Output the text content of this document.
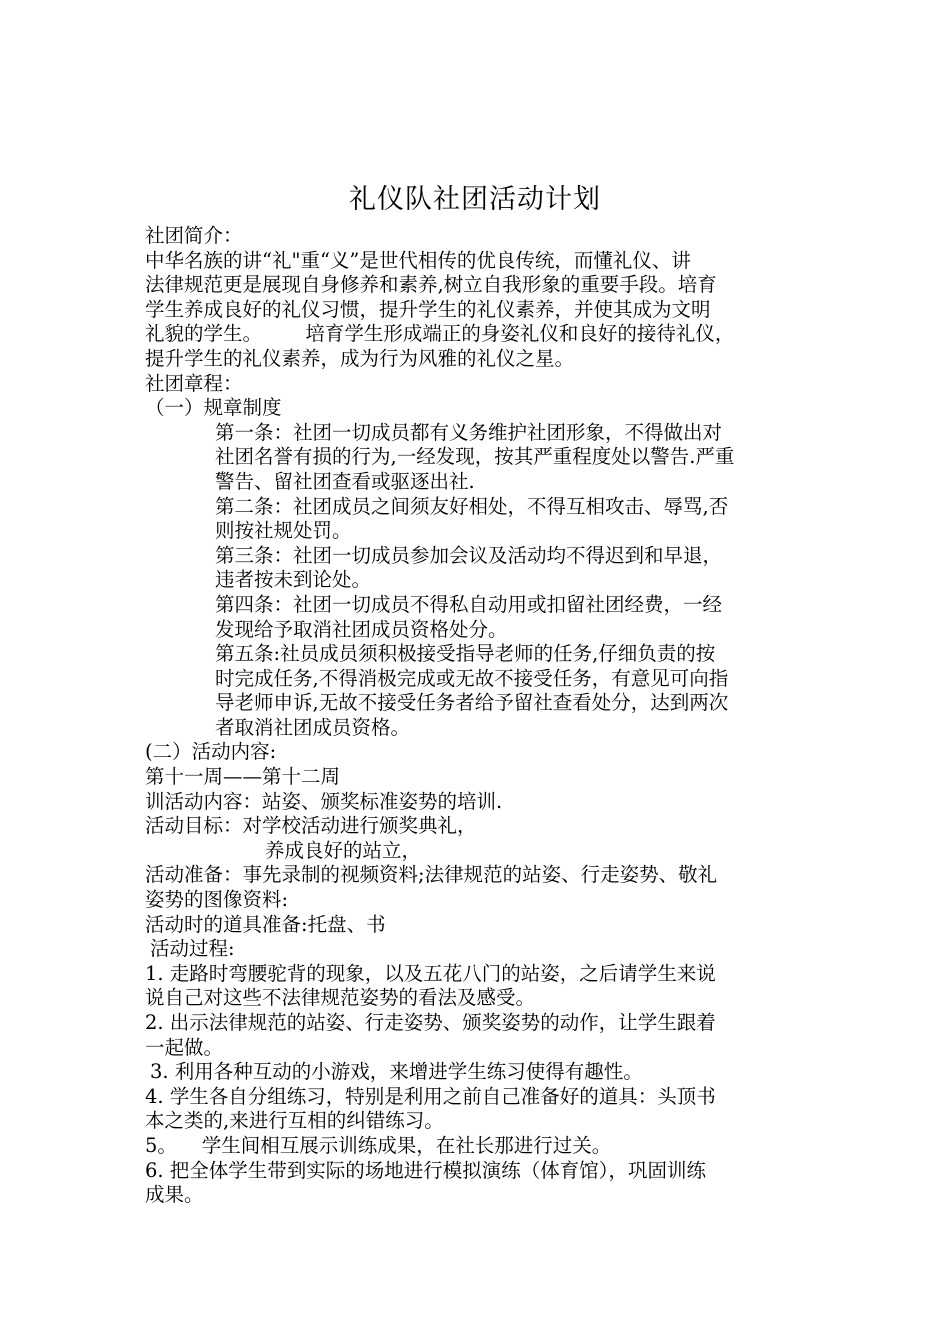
礼仪队社团活动计划

社团简介：

中华名族的讲“礼"重“义”是世代相传的优良传统，而懂礼仪、讲

法律规范更是展现自身修养和素养,树立自我形象的重要手段。培育

学生养成良好的礼仪习惯，提升学生的礼仪素养，并使其成为文明

礼貌的学生。       培育学生形成端正的身姿礼仪和良好的接待礼仪，

提升学生的礼仪素养，成为行为风雅的礼仪之星。

社团章程：

（一）规章制度

第一条：社团一切成员都有义务维护社团形象，不得做出对

社团名誉有损的行为,一经发现，按其严重程度处以警告.严重

警告、留社团查看或驱逐出社.

第二条：社团成员之间须友好相处，不得互相攻击、辱骂,否

则按社规处罚。

第三条：社团一切成员参加会议及活动均不得迟到和早退，

违者按未到论处。

第四条：社团一切成员不得私自动用或扣留社团经费，一经

发现给予取消社团成员资格处分。

第五条:社员成员须积极接受指导老师的任务,仔细负责的按

时完成任务,不得消极完成或无故不接受任务，有意见可向指

导老师申诉,无故不接受任务者给予留社查看处分，达到两次

者取消社团成员资格。

(二）活动内容:

第十一周——第十二周

训活动内容：站姿、颁奖标准姿势的培训.

活动目标：对学校活动进行颁奖典礼，

养成良好的站立，

活动准备：事先录制的视频资料;法律规范的站姿、行走姿势、敬礼

姿势的图像资料:

活动时的道具准备:托盘、书

活动过程:

1. 走路时弯腰驼背的现象，以及五花八门的站姿，之后请学生来说

说自己对这些不法律规范姿势的看法及感受。

2. 出示法律规范的站姿、行走姿势、颁奖姿势的动作，让学生跟着

一起做。

3. 利用各种互动的小游戏，来增进学生练习使得有趣性。

4. 学生各自分组练习，特别是利用之前自己准备好的道具：头顶书

本之类的,来进行互相的纠错练习。

5。    学生间相互展示训练成果，在社长那进行过关。

6. 把全体学生带到实际的场地进行模拟演练（体育馆），巩固训练

成果。
